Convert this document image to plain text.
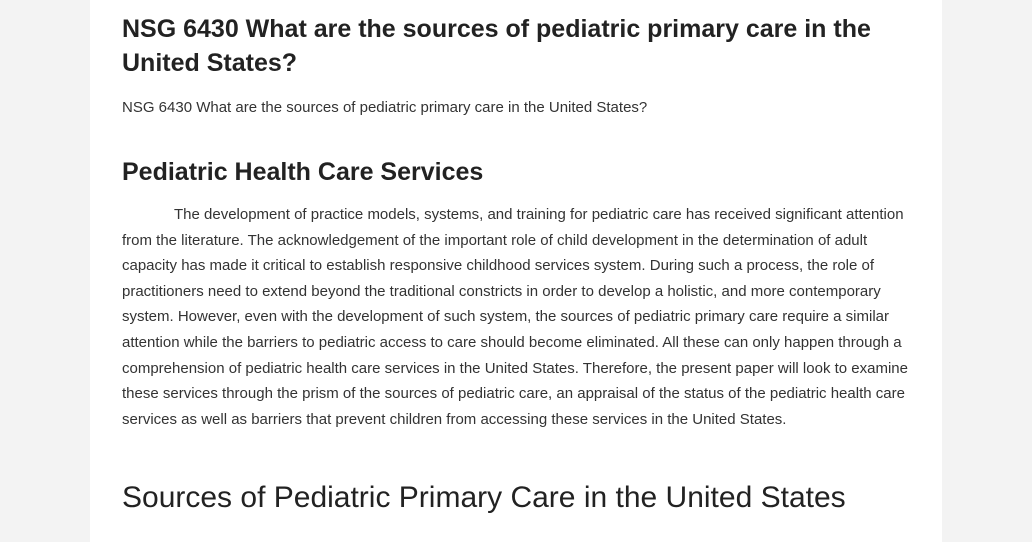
NSG 6430 What are the sources of pediatric primary care in the United States?

NSG 6430 What are the sources of pediatric primary care in the United States?

Pediatric Health Care Services

The development of practice models, systems, and training for pediatric care has received significant attention from the literature. The acknowledgement of the important role of child development in the determination of adult capacity has made it critical to establish responsive childhood services system. During such a process, the role of practitioners need to extend beyond the traditional constricts in order to develop a holistic, and more contemporary system. However, even with the development of such system, the sources of pediatric primary care require a similar attention while the barriers to pediatric access to care should become eliminated. All these can only happen through a comprehension of pediatric health care services in the United States. Therefore, the present paper will look to examine these services through the prism of the sources of pediatric care, an appraisal of the status of the pediatric health care services as well as barriers that prevent children from accessing these services in the United States.

Sources of Pediatric Primary Care in the United States
